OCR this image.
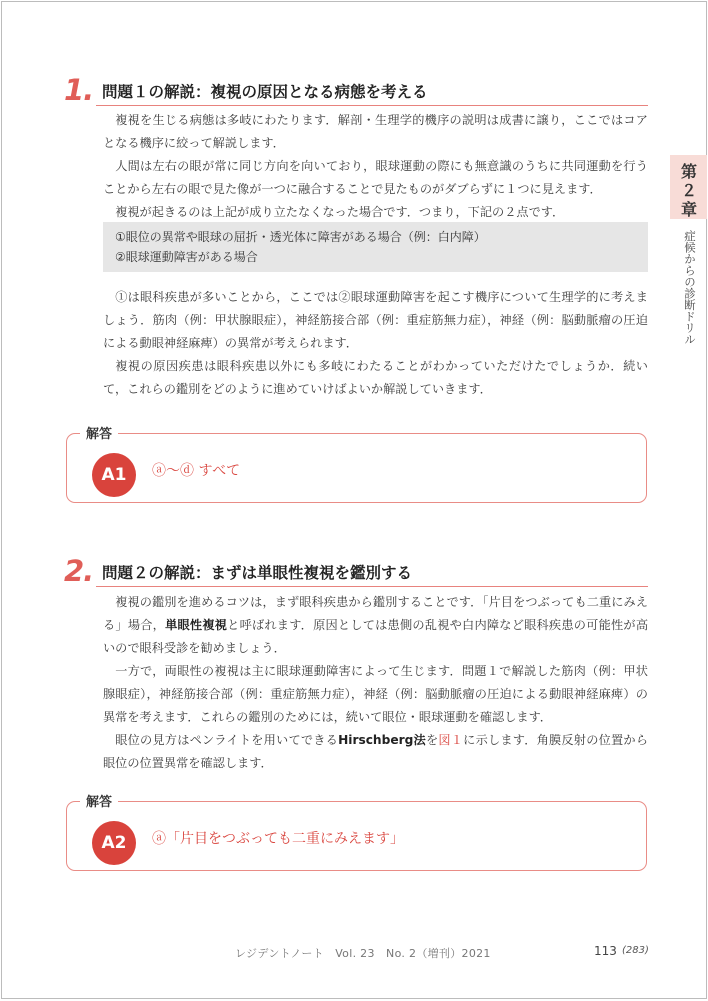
1. 問題１の解説：複視の原因となる病態を考える

複視を生じる病態は多岐にわたります．解剖・生理学的機序の説明は成書に譲り，ここではコアとなる機序に絞って解説します．

人間は左右の眼が常に同じ方向を向いており，眼球運動の際にも無意識のうちに共同運動を行うことから左右の眼で見た像が一つに融合することで見たものがダブらずに１つに見えます．

複視が起きるのは上記が成り立たなくなった場合です．つまり，下記の２点です．

①眼位の異常や眼球の屈折・透光体に障害がある場合（例：白内障）
②眼球運動障害がある場合

①は眼科疾患が多いことから，ここでは②眼球運動障害を起こす機序について生理学的に考えましょう．筋肉（例：甲状腺眼症），神経筋接合部（例：重症筋無力症），神経（例：脳動脈瘤の圧迫による動眼神経麻痺）の異常が考えられます．

複視の原因疾患は眼科疾患以外にも多岐にわたることがわかっていただけたでしょうか．続いて，これらの鑑別をどのように進めていけばよいか解説していきます．

解答
A1	ⓐ〜ⓓ すべて
2. 問題２の解説：まずは単眼性複視を鑑別する

複視の鑑別を進めるコツは，まず眼科疾患から鑑別することです．「片目をつぶっても二重にみえる」場合，単眼性複視と呼ばれます．原因としては患側の乱視や白内障など眼科疾患の可能性が高いので眼科受診を勧めましょう．

一方で，両眼性の複視は主に眼球運動障害によって生じます．問題１で解説した筋肉（例：甲状腺眼症），神経筋接合部（例：重症筋無力症），神経（例：脳動脈瘤の圧迫による動眼神経麻痺）の異常を考えます．これらの鑑別のためには，続いて眼位・眼球運動を確認します．

眼位の見方はペンライトを用いてできるHirschberg法を図１に示します．角膜反射の位置から眼位の位置異常を確認します．

解答
A2	ⓐ「片目をつぶっても二重にみえます」
第２章
症候からの診断ドリル
レジデントノート　Vol. 23　No. 2（増刊）2021	113 (283)
